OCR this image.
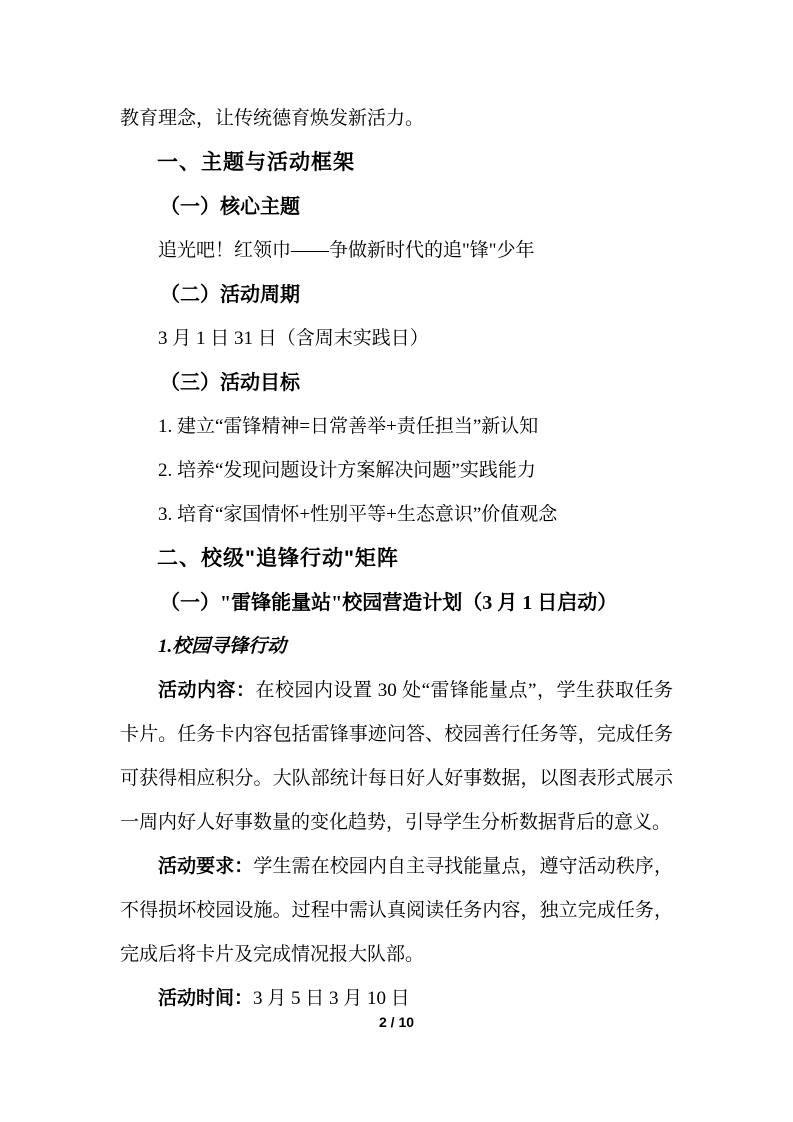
教育理念，让传统德育焕发新活力。

一、主题与活动框架
（一）核心主题

追光吧！红领巾——争做新时代的追"锋"少年

（二）活动周期

3 月 1 日 31 日（含周末实践日）

（三）活动目标

1. 建立“雷锋精神=日常善举+责任担当”新认知

2. 培养“发现问题设计方案解决问题”实践能力

3. 培育“家国情怀+性别平等+生态意识”价值观念

二、校级"追锋行动"矩阵
（一）"雷锋能量站"校园营造计划（3 月 1 日启动）
1.校园寻锋行动

活动内容：在校园内设置 30 处“雷锋能量点”，学生获取任务卡片。任务卡内容包括雷锋事迹问答、校园善行任务等，完成任务可获得相应积分。大队部统计每日好人好事数据，以图表形式展示一周内好人好事数量的变化趋势，引导学生分析数据背后的意义。

活动要求：学生需在校园内自主寻找能量点，遵守活动秩序，不得损坏校园设施。过程中需认真阅读任务内容，独立完成任务，完成后将卡片及完成情况报大队部。

活动时间：3 月 5 日 3 月 10 日

2 / 10
